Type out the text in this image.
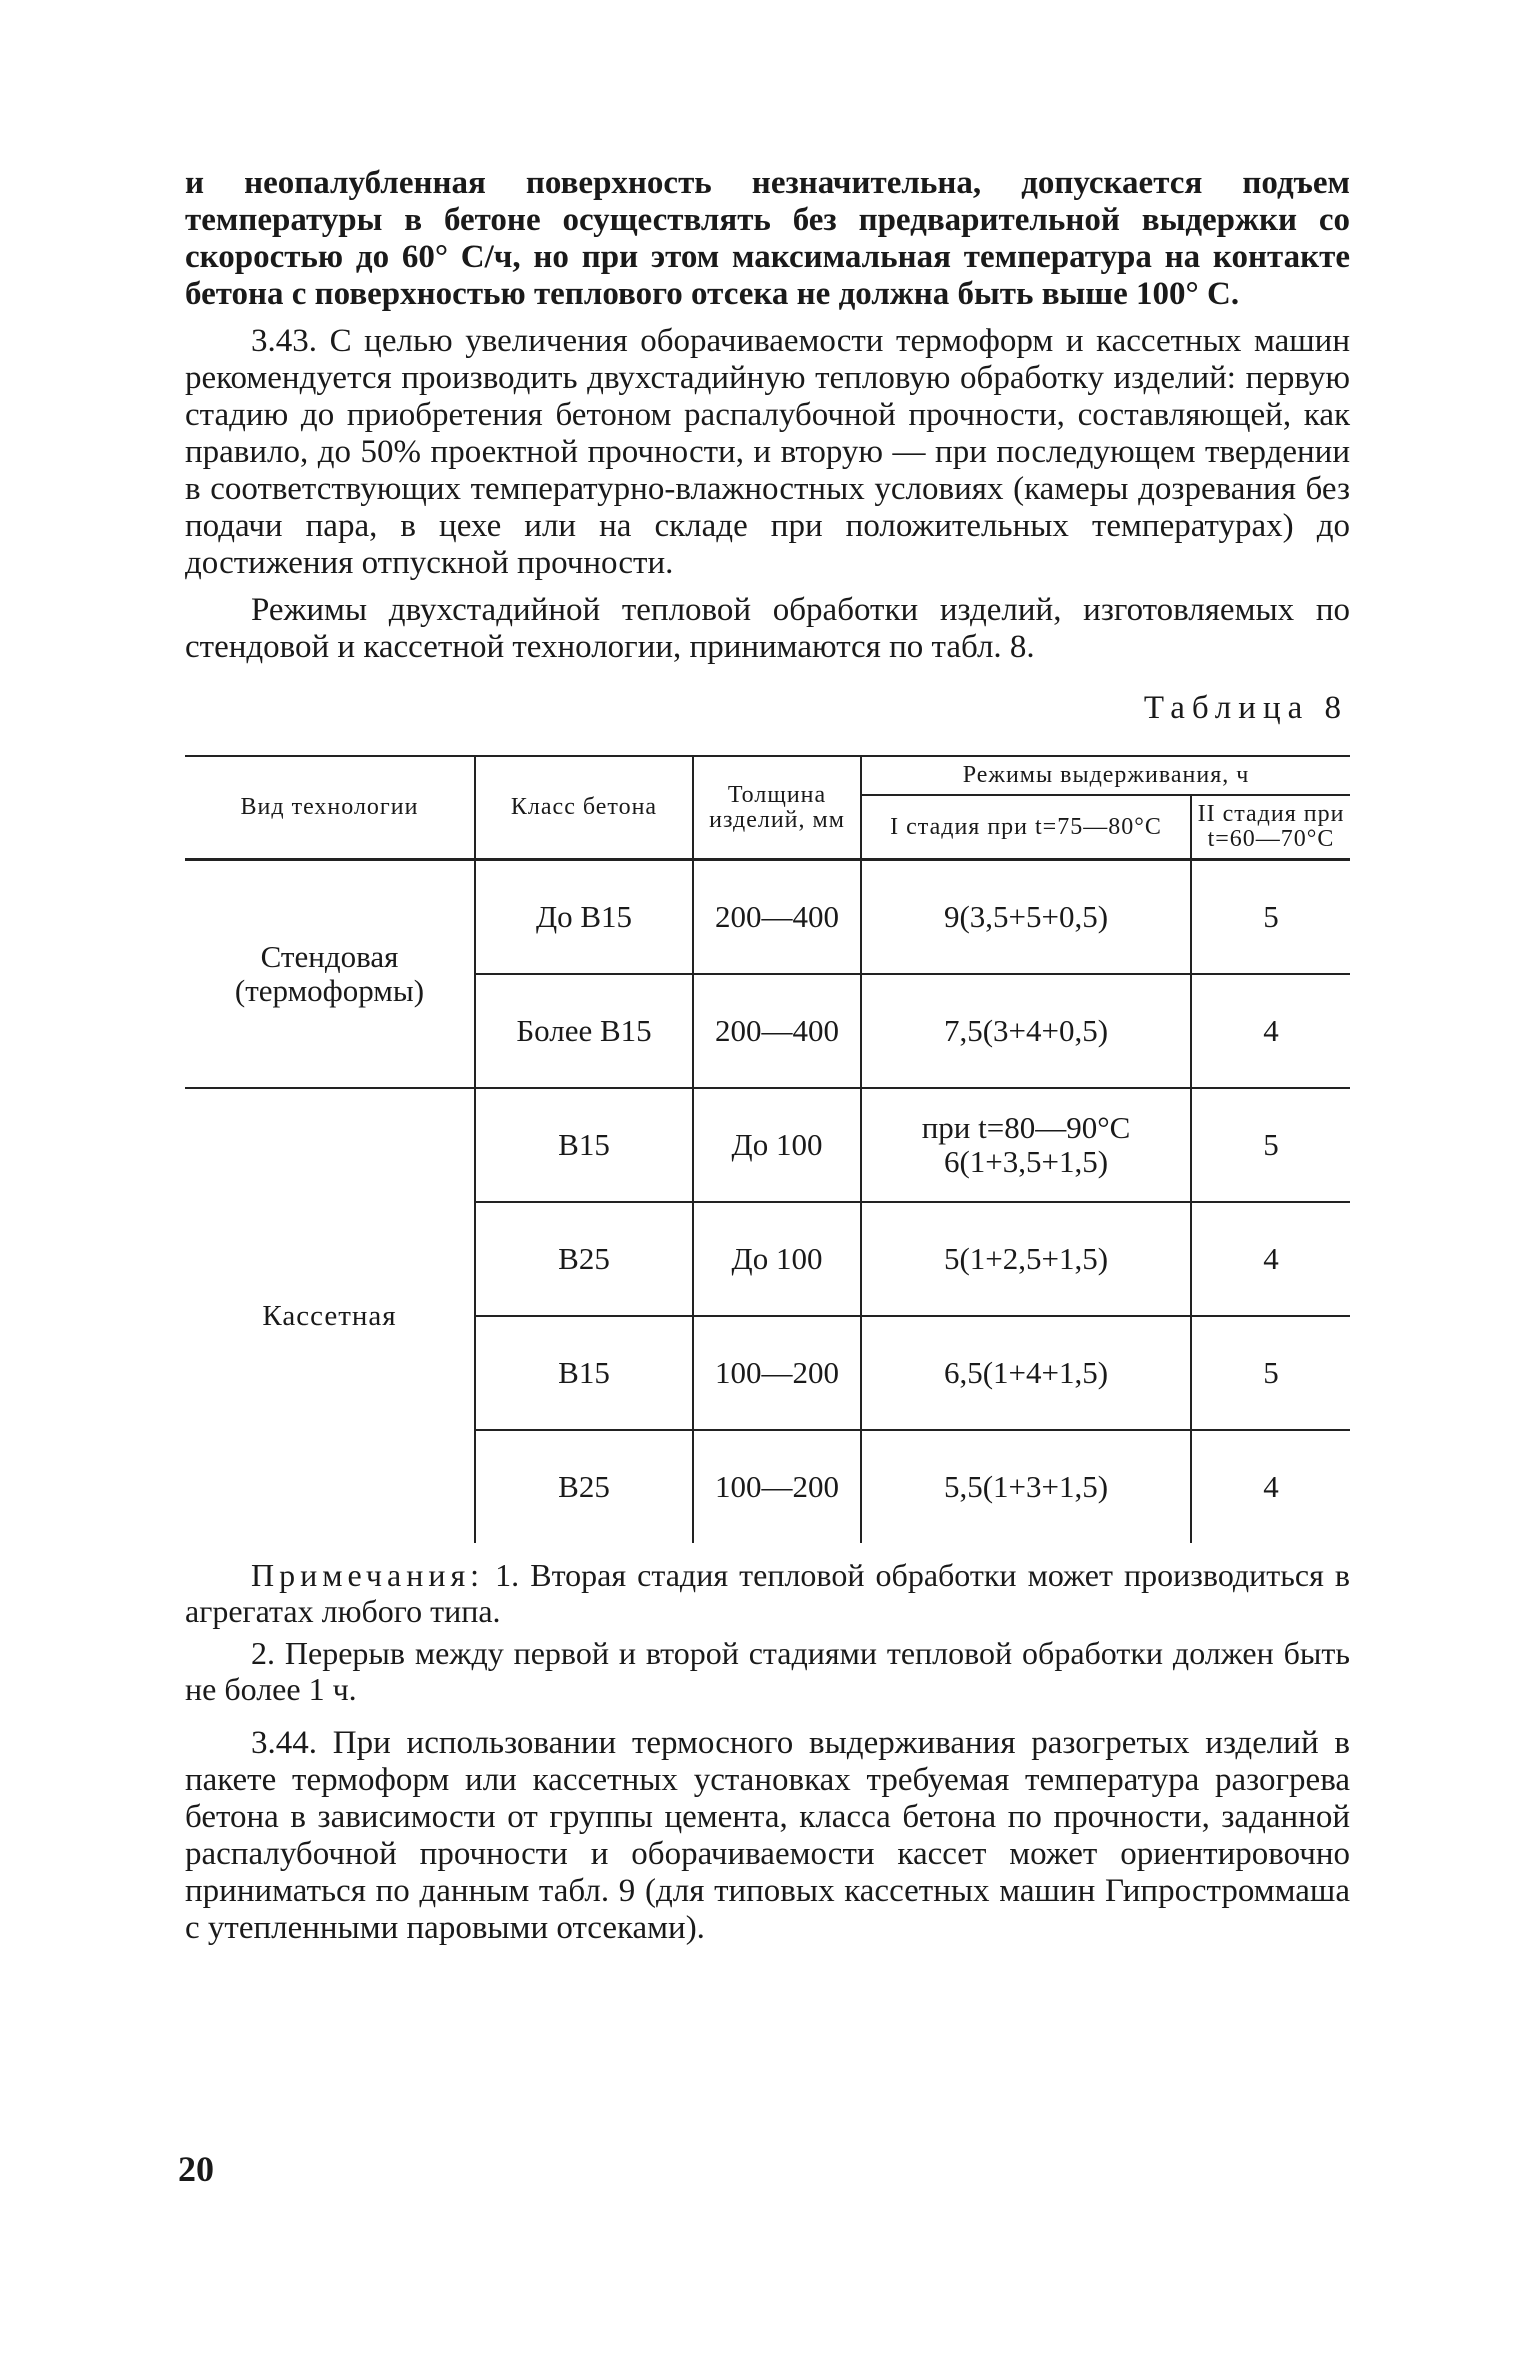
и неопалубленная поверхность незначительна, допускается подъем температуры в бетоне осуществлять без предварительной выдержки со скоростью до 60° С/ч, но при этом максимальная температура на контакте бетона с поверхностью теплового отсека не должна быть выше 100° С.

3.43. С целью увеличения оборачиваемости термоформ и кассетных машин рекомендуется производить двухстадийную тепловую обработку изделий: первую стадию до приобретения бетоном распалубочной прочности, составляющей, как правило, до 50% проектной прочности, и вторую — при последующем твердении в соответствующих температурно-влажностных условиях (камеры дозревания без подачи пара, в цехе или на складе при положительных температурах) до достижения отпускной прочности.

Режимы двухстадийной тепловой обработки изделий, изготовляемых по стендовой и кассетной технологии, принимаются по табл. 8.

Таблица 8
Вид технологии	Класс бетона	Толщина изделий, мм	Режимы выдерживания, ч	
			I стадия при t=75—80°C	II стадия при t=60—70°C
Стендовая (термоформы)	До В15	200—400	9(3,5+5+0,5)	5
	Более В15	200—400	7,5(3+4+0,5)	4
Кассетная	В15	До 100	при t=80—90°C 6(1+3,5+1,5)	5
	В25	До 100	5(1+2,5+1,5)	4
	В15	100—200	6,5(1+4+1,5)	5
	В25	100—200	5,5(1+3+1,5)	4

Примечания: 1. Вторая стадия тепловой обработки может производиться в агрегатах любого типа.

2. Перерыв между первой и второй стадиями тепловой обработки должен быть не более 1 ч.

3.44. При использовании термосного выдерживания разогретых изделий в пакете термоформ или кассетных установках требуемая температура разогрева бетона в зависимости от группы цемента, класса бетона по прочности, заданной распалубочной прочности и оборачиваемости кассет может ориентировочно приниматься по данным табл. 9 (для типовых кассетных машин Гипростроммаша с утепленными паровыми отсеками).

20
